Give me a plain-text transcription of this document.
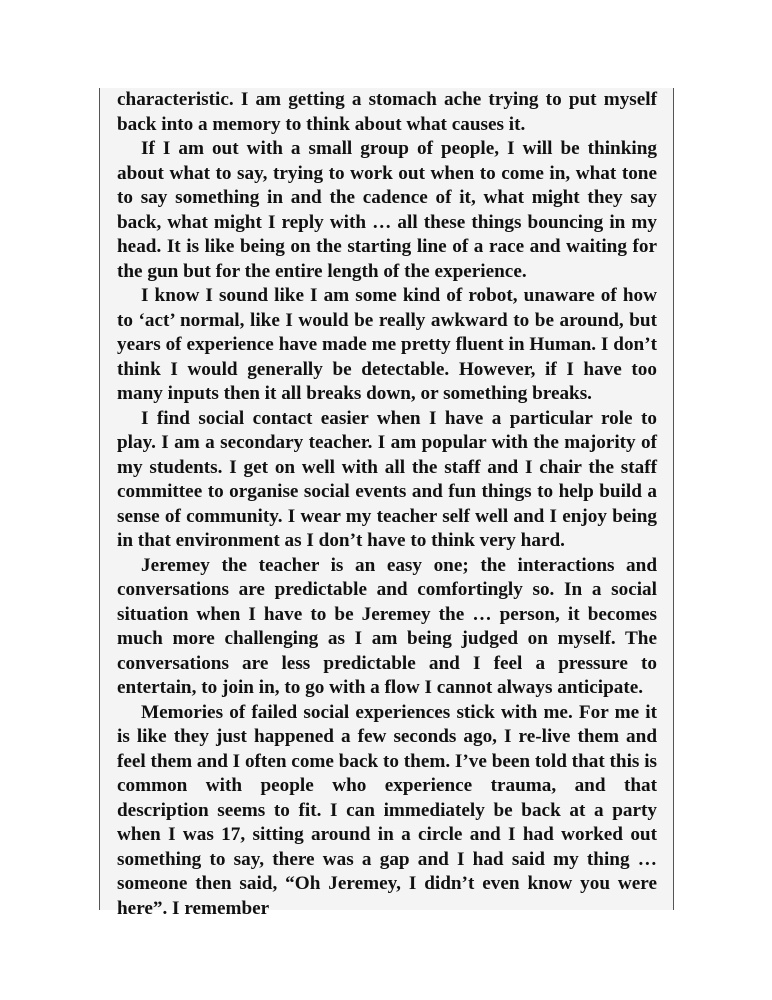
characteristic. I am getting a stomach ache trying to put myself back into a memory to think about what causes it.

If I am out with a small group of people, I will be thinking about what to say, trying to work out when to come in, what tone to say something in and the cadence of it, what might they say back, what might I reply with … all these things bouncing in my head. It is like being on the starting line of a race and waiting for the gun but for the entire length of the experience.

I know I sound like I am some kind of robot, unaware of how to ‘act’ normal, like I would be really awkward to be around, but years of experience have made me pretty fluent in Human. I don’t think I would generally be detectable. However, if I have too many inputs then it all breaks down, or something breaks.

I find social contact easier when I have a particular role to play. I am a secondary teacher. I am popular with the majority of my students. I get on well with all the staff and I chair the staff committee to organise social events and fun things to help build a sense of community. I wear my teacher self well and I enjoy being in that environment as I don’t have to think very hard.

Jeremey the teacher is an easy one; the interactions and conversations are predictable and comfortingly so. In a social situation when I have to be Jeremey the … person, it becomes much more challenging as I am being judged on myself. The conversations are less predictable and I feel a pressure to entertain, to join in, to go with a flow I cannot always anticipate.

Memories of failed social experiences stick with me. For me it is like they just happened a few seconds ago, I re-live them and feel them and I often come back to them. I’ve been told that this is common with people who experience trauma, and that description seems to fit. I can immediately be back at a party when I was 17, sitting around in a circle and I had worked out something to say, there was a gap and I had said my thing … someone then said, “Oh Jeremey, I didn’t even know you were here”. I remember
